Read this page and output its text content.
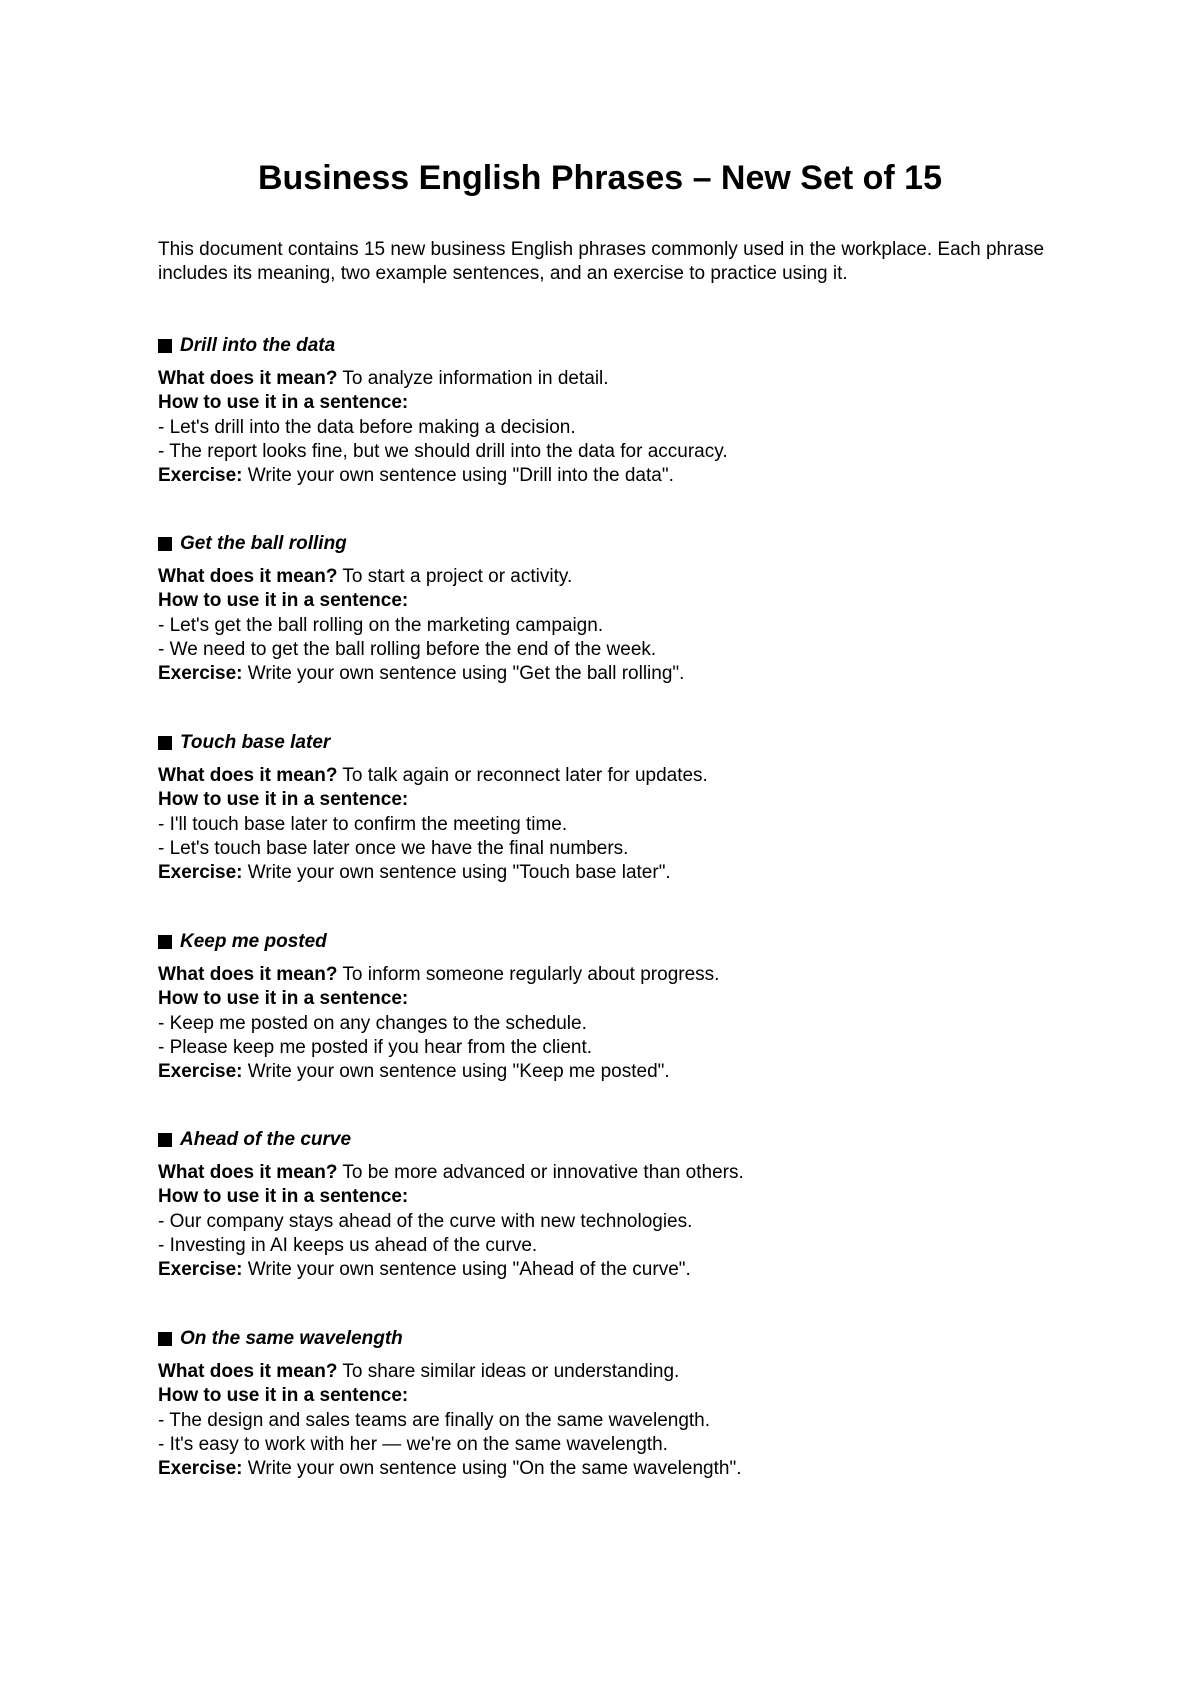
Business English Phrases – New Set of 15
This document contains 15 new business English phrases commonly used in the workplace. Each phrase includes its meaning, two example sentences, and an exercise to practice using it.
Drill into the data
What does it mean? To analyze information in detail.
How to use it in a sentence:
- Let's drill into the data before making a decision.
- The report looks fine, but we should drill into the data for accuracy.
Exercise: Write your own sentence using "Drill into the data".
Get the ball rolling
What does it mean? To start a project or activity.
How to use it in a sentence:
- Let's get the ball rolling on the marketing campaign.
- We need to get the ball rolling before the end of the week.
Exercise: Write your own sentence using "Get the ball rolling".
Touch base later
What does it mean? To talk again or reconnect later for updates.
How to use it in a sentence:
- I'll touch base later to confirm the meeting time.
- Let's touch base later once we have the final numbers.
Exercise: Write your own sentence using "Touch base later".
Keep me posted
What does it mean? To inform someone regularly about progress.
How to use it in a sentence:
- Keep me posted on any changes to the schedule.
- Please keep me posted if you hear from the client.
Exercise: Write your own sentence using "Keep me posted".
Ahead of the curve
What does it mean? To be more advanced or innovative than others.
How to use it in a sentence:
- Our company stays ahead of the curve with new technologies.
- Investing in AI keeps us ahead of the curve.
Exercise: Write your own sentence using "Ahead of the curve".
On the same wavelength
What does it mean? To share similar ideas or understanding.
How to use it in a sentence:
- The design and sales teams are finally on the same wavelength.
- It's easy to work with her — we're on the same wavelength.
Exercise: Write your own sentence using "On the same wavelength".
